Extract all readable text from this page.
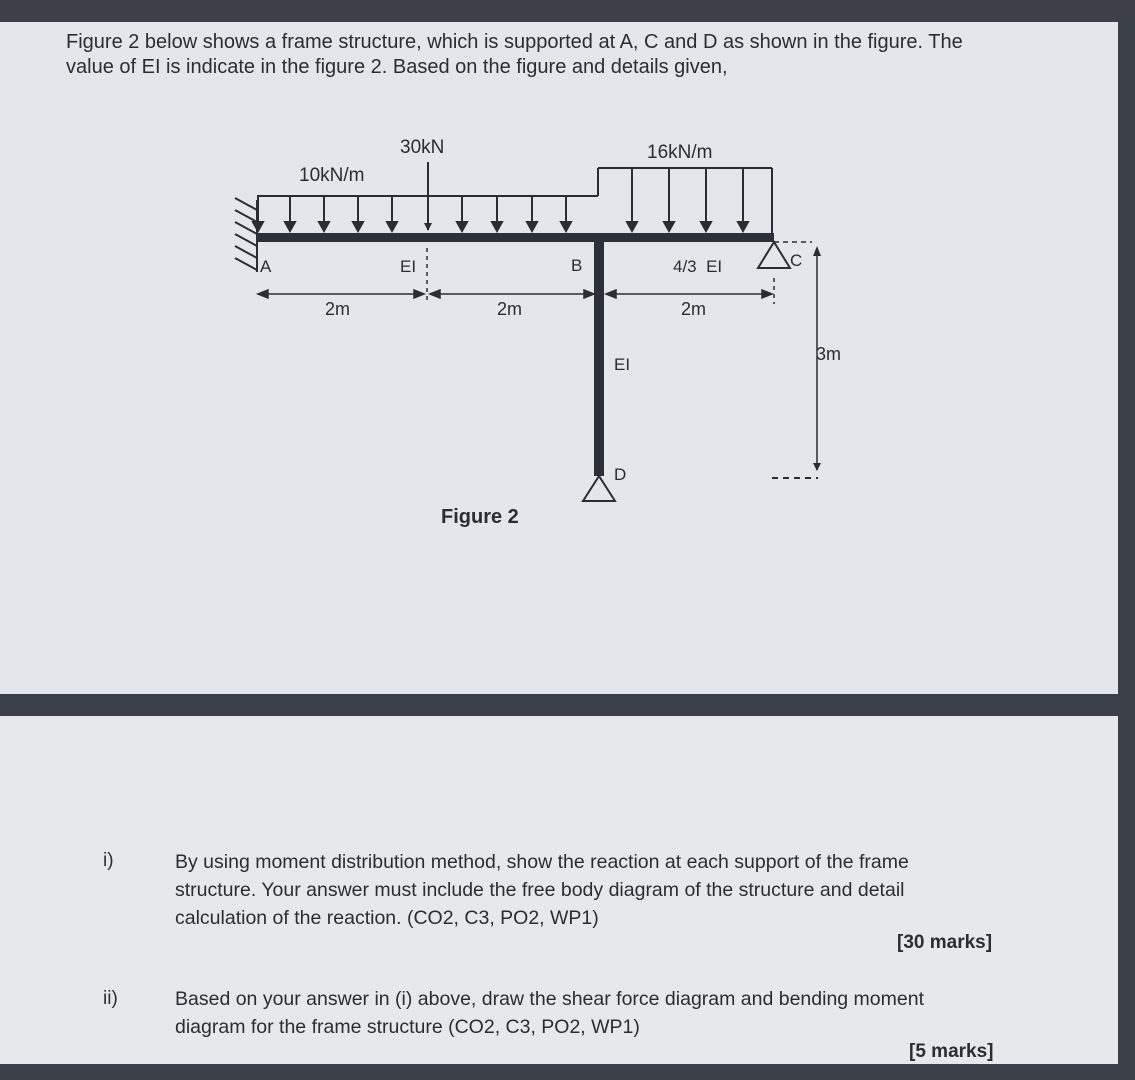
Figure 2 below shows a frame structure, which is supported at A, C and D as shown in the figure. The
value of EI is indicate in the figure 2. Based on the figure and details given,
10kN/m
30kN	16kN/m
A	B	C
D
EI	4/3  EI
EI
2m	2m	2m
3m
Figure 2
i)	By using moment distribution method, show the reaction at each support of the frame
structure. Your answer must include the free body diagram of the structure and detail
calculation of the reaction. (CO2, C3, PO2, WP1)
[30 marks]
ii)	Based on your answer in (i) above, draw the shear force diagram and bending moment
diagram for the frame structure (CO2, C3, PO2, WP1)
[5 marks]
